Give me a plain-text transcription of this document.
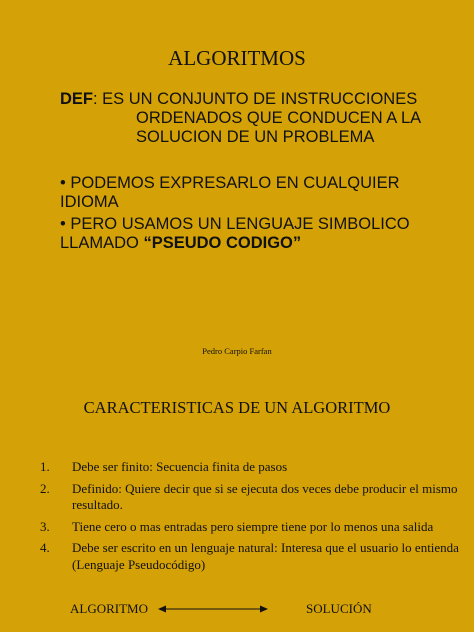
ALGORITMOS
DEF: ES UN CONJUNTO DE INSTRUCCIONES
ORDENADOS QUE CONDUCEN A LA
SOLUCION DE UN PROBLEMA
• PODEMOS EXPRESARLO EN CUALQUIER IDIOMA
• PERO USAMOS UN LENGUAJE SIMBOLICO LLAMADO “PSEUDO CODIGO”
Pedro Carpio Farfan
CARACTERISTICAS DE UN ALGORITMO
1.	Debe ser finito: Secuencia finita de pasos
2.	Definido: Quiere decir que si se ejecuta dos veces debe producir el mismo resultado.
3.	Tiene cero o mas entradas pero siempre tiene por lo menos una salida
4.	Debe ser escrito en un lenguaje natural: Interesa que el usuario lo entienda (Lenguaje Pseudocódigo)
ALGORITMO	SOLUCIÓN
